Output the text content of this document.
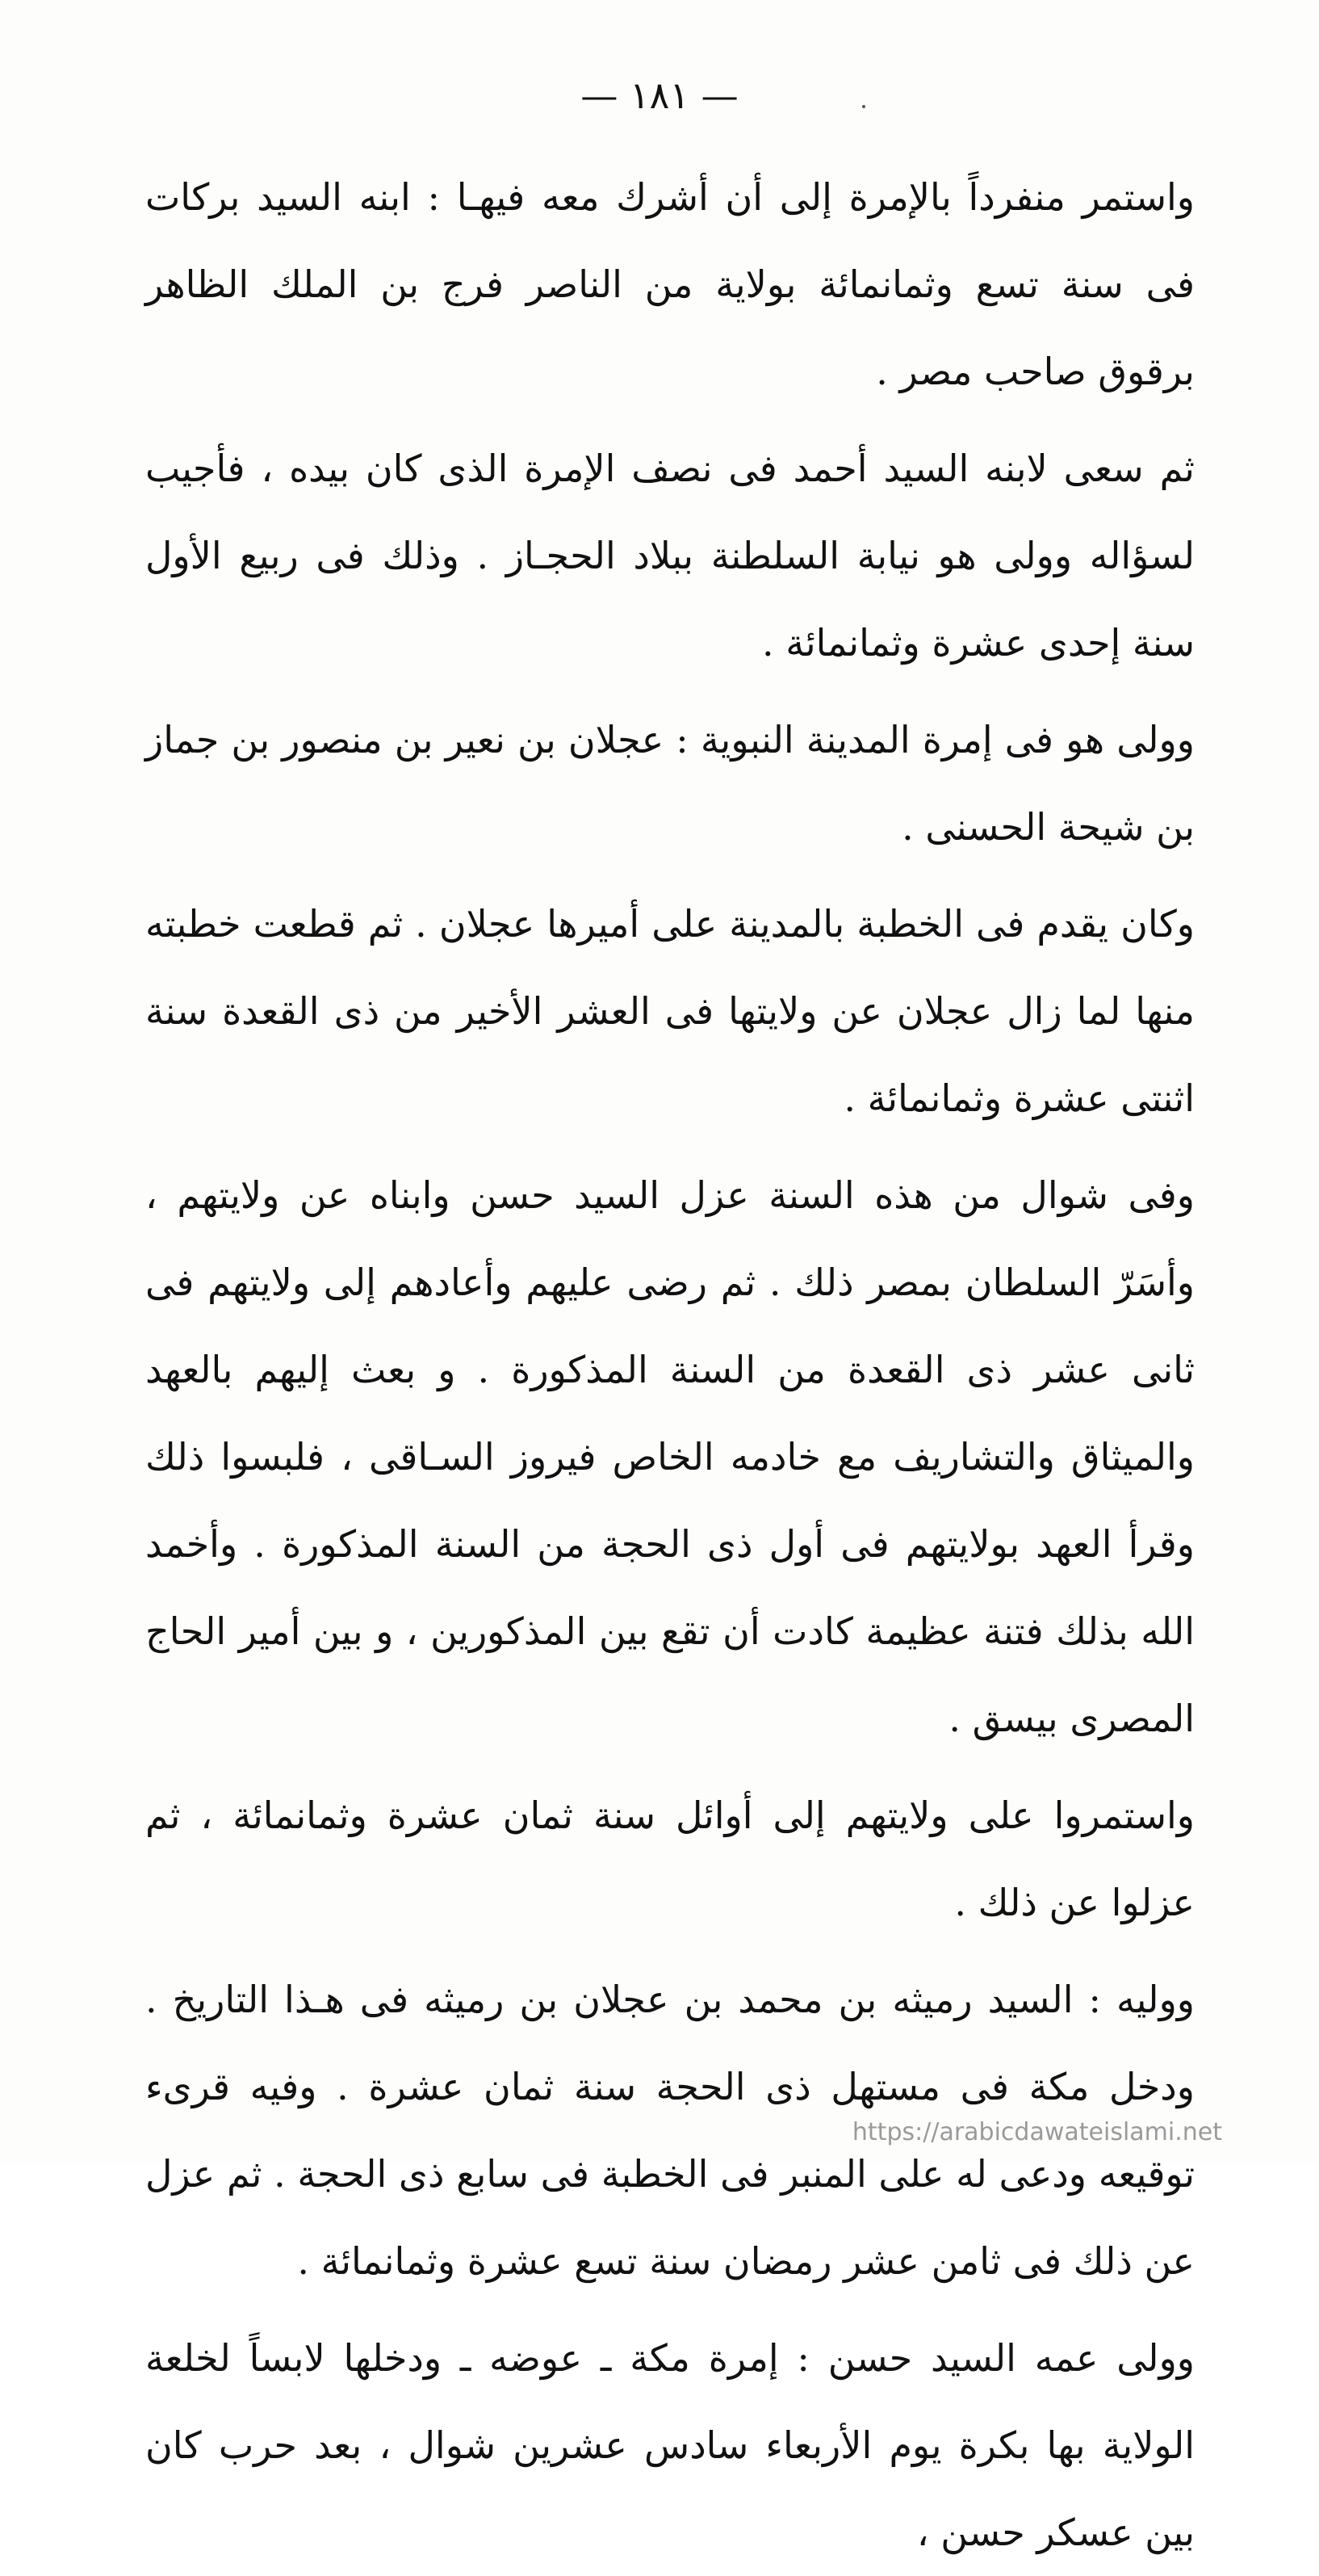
— ١٨١ —

واستمر منفرداً بالإمرة إلى أن أشرك معه فيهـا : ابنه السيد بركات فى سنة تسع وثمانمائة بولاية من الناصر فرج بن الملك الظاهر برقوق صاحب مصر .

ثم سعى لابنه السيد أحمد فى نصف الإمرة الذى كان بيده ، فأجيب لسؤاله وولى هو نيابة السلطنة ببلاد الحجـاز . وذلك فى ربيع الأول سنة إحدى عشرة وثمانمائة .

وولى هو فى إمرة المدينة النبوية : عجلان بن نعير بن منصور بن جماز بن شيحة الحسنى .

وكان يقدم فى الخطبة بالمدينة على أميرها عجلان . ثم قطعت خطبته منها لما زال عجلان عن ولايتها فى العشر الأخير من ذى القعدة سنة اثنتى عشرة وثمانمائة .

وفى شوال من هذه السنة عزل السيد حسن وابناه عن ولايتهم ، وأسَرّ السلطان بمصر ذلك . ثم رضى عليهم وأعادهم إلى ولايتهم فى ثانى عشر ذى القعدة من السنة المذكورة . و بعث إليهم بالعهد والميثاق والتشاريف مع خادمه الخاص فيروز السـاقى ، فلبسوا ذلك وقرأ العهد بولايتهم فى أول ذى الحجة من السنة المذكورة . وأخمد الله بذلك فتنة عظيمة كادت أن تقع بين المذكورين ، و بين أمير الحاج المصرى بيسق .

واستمروا على ولايتهم إلى أوائل سنة ثمان عشرة وثمانمائة ، ثم عزلوا عن ذلك .

ووليه : السيد رميثه بن محمد بن عجلان بن رميثه فى هـذا التاريخ . ودخل مكة فى مستهل ذى الحجة سنة ثمان عشرة . وفيه قرىء توقيعه ودعى له على المنبر فى الخطبة فى سابع ذى الحجة . ثم عزل عن ذلك فى ثامن عشر رمضان سنة تسع عشرة وثمانمائة .

وولى عمه السيد حسن : إمرة مكة ـ عوضه ـ ودخلها لابساً لخلعة الولاية بها بكرة يوم الأربعاء سادس عشرين شوال ، بعد حرب كان بين عسكر حسن ،

https://arabicdawateislami.net
